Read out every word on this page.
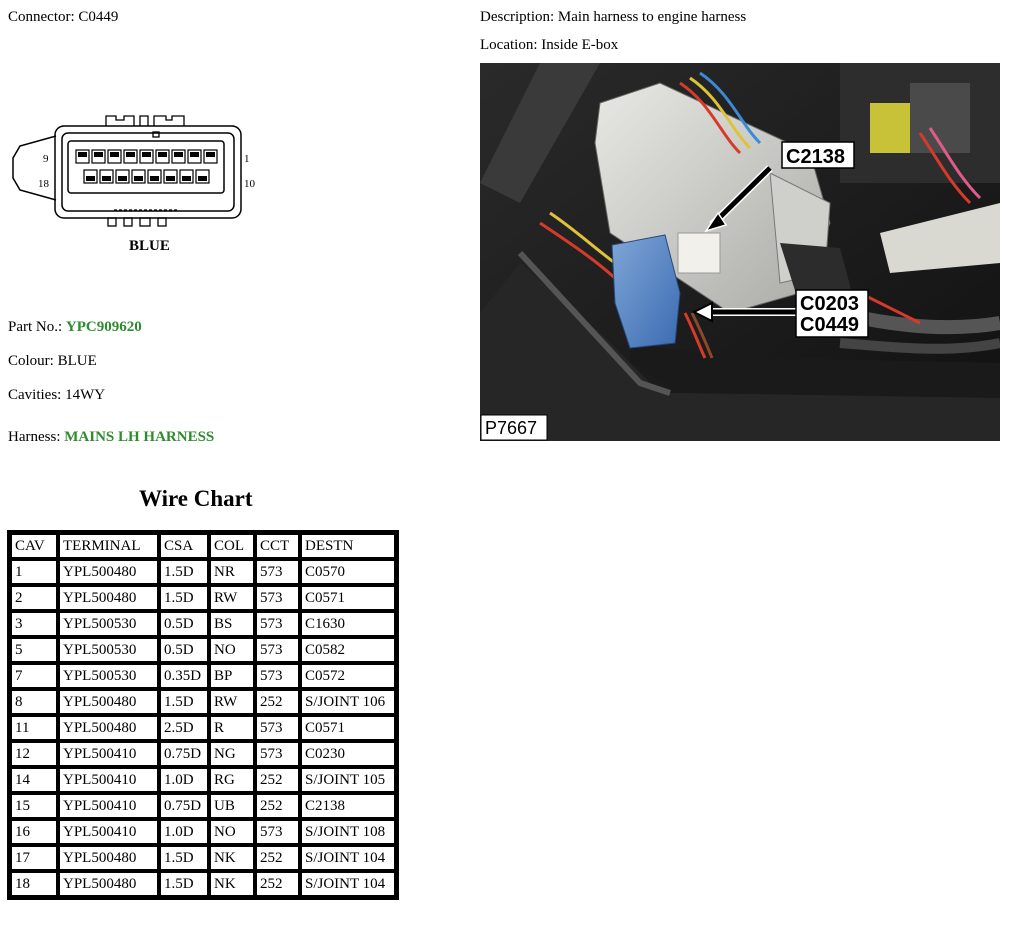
Connector: C0449	Description: Main harness to engine harness
Location: Inside E-box
9
18
1
10
BLUE
C2138
C0203
C0449
P7667
Part No.: YPC909620
Colour: BLUE
Cavities: 14WY
Harness: MAINS LH HARNESS
Wire Chart
CAV	TERMINAL	CSA	COL	CCT	DESTN
1	YPL500480	1.5D	NR	573	C0570
2	YPL500480	1.5D	RW	573	C0571
3	YPL500530	0.5D	BS	573	C1630
5	YPL500530	0.5D	NO	573	C0582
7	YPL500530	0.35D	BP	573	C0572
8	YPL500480	1.5D	RW	252	S/JOINT 106
11	YPL500480	2.5D	R	573	C0571
12	YPL500410	0.75D	NG	573	C0230
14	YPL500410	1.0D	RG	252	S/JOINT 105
15	YPL500410	0.75D	UB	252	C2138
16	YPL500410	1.0D	NO	573	S/JOINT 108
17	YPL500480	1.5D	NK	252	S/JOINT 104
18	YPL500480	1.5D	NK	252	S/JOINT 104
